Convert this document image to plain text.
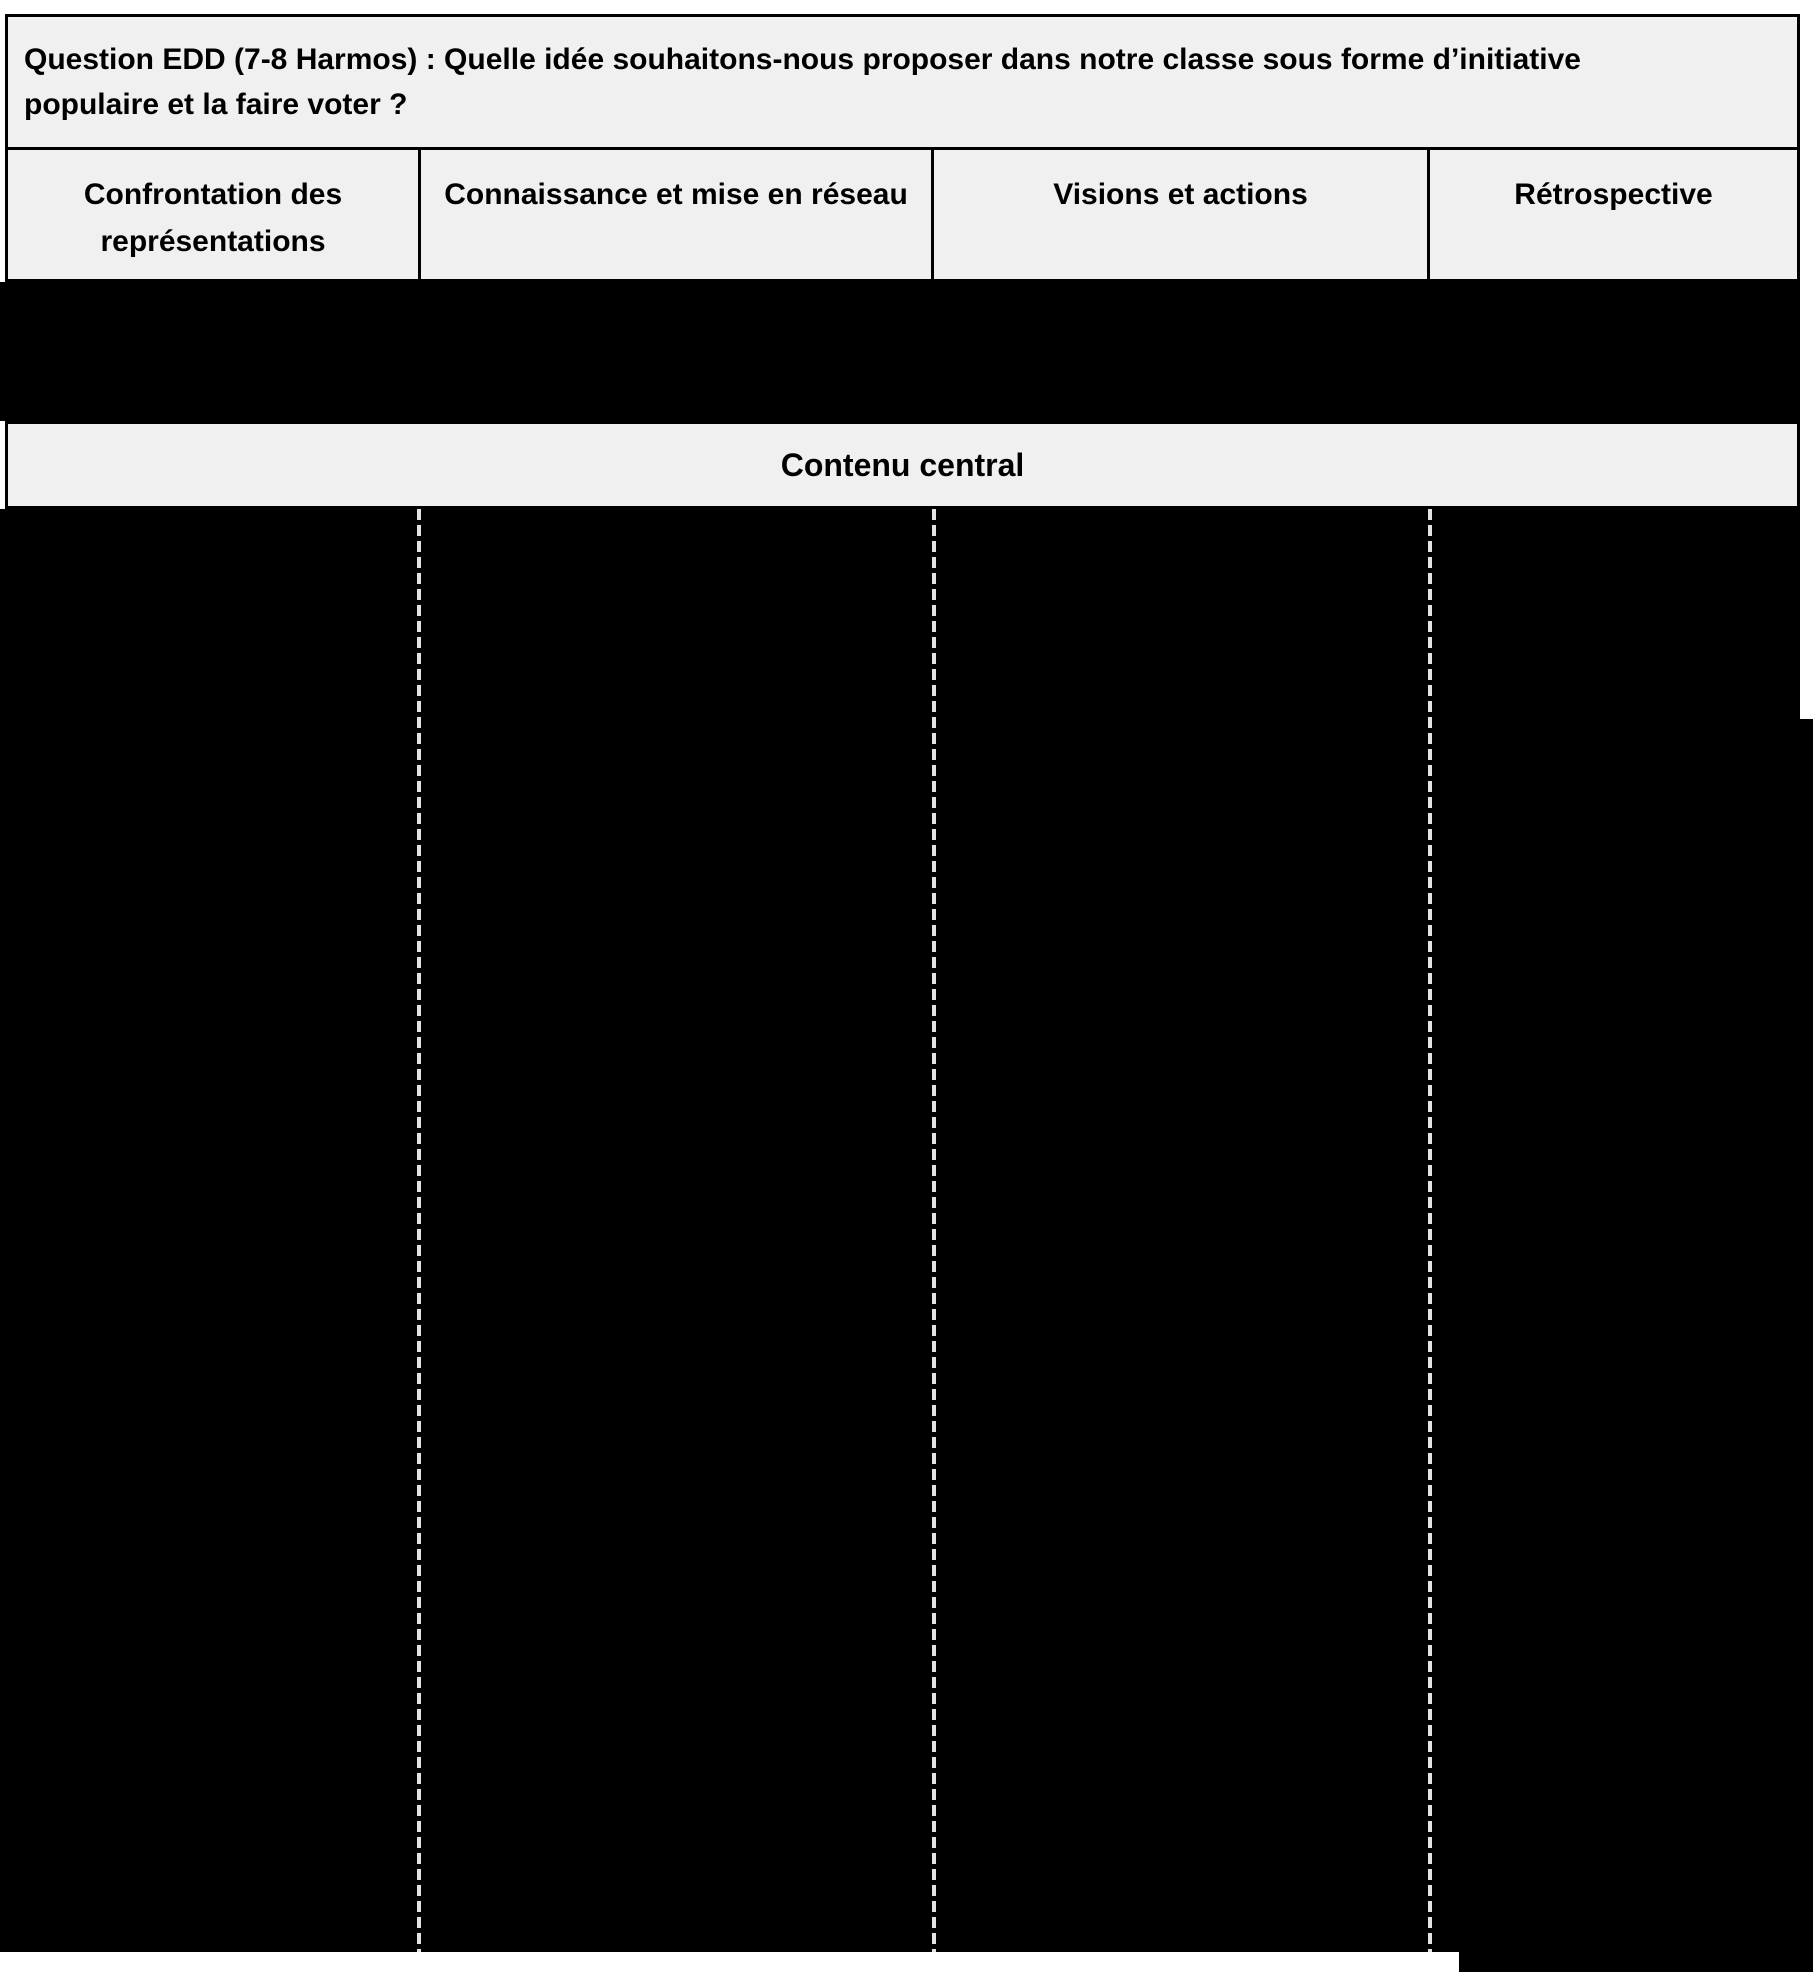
Question EDD (7-8 Harmos) : Quelle idée souhaitons-nous proposer dans notre classe sous forme d’initiative
populaire et la faire voter ?
Confrontation des représentations
Connaissance et mise en réseau	Visions et actions	Rétrospective
Contenu central
